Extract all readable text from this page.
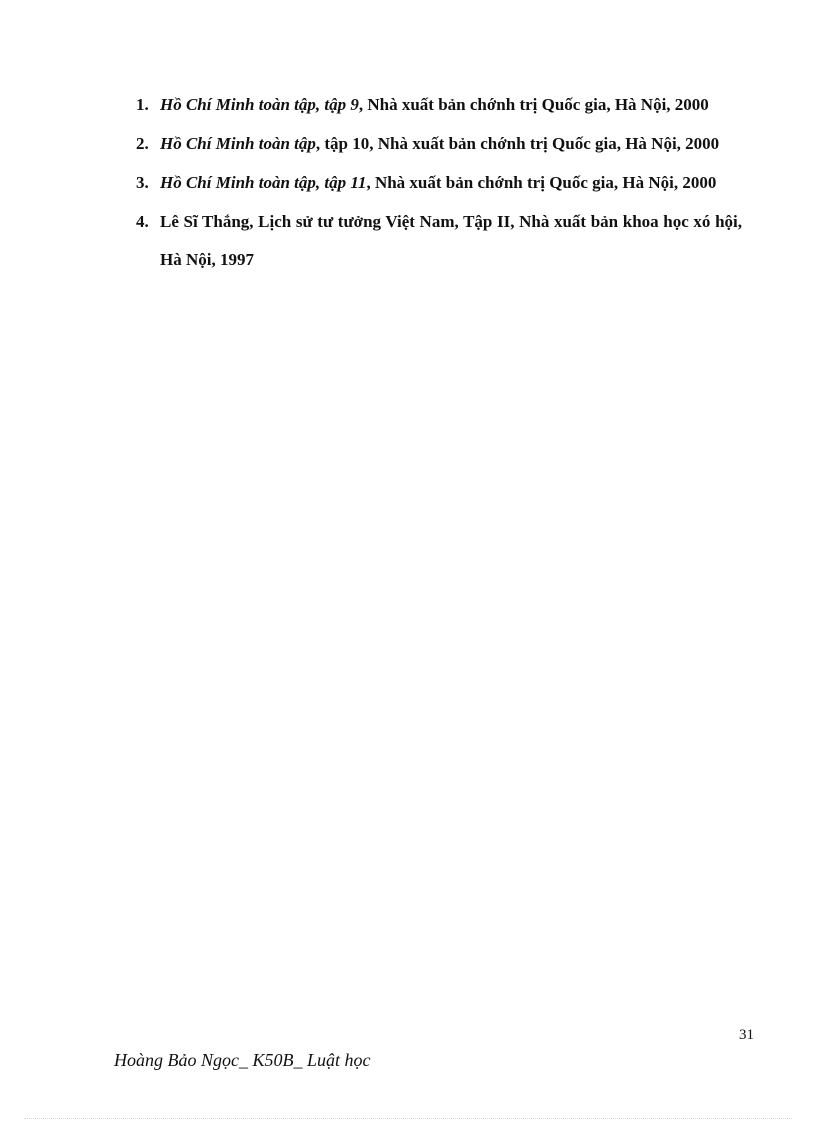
1. Hồ Chí Minh toàn tập, tập 9, Nhà xuất bản chớnh trị Quốc gia, Hà Nội, 2000
2. Hồ Chí Minh toàn tập, tập 10, Nhà xuất bản chớnh trị Quốc gia, Hà Nội, 2000
3. Hồ Chí Minh toàn tập, tập 11, Nhà xuất bản chớnh trị Quốc gia, Hà Nội, 2000
4. Lê Sĩ Thắng, Lịch sử tư tưởng Việt Nam, Tập II, Nhà xuất bản khoa học xó hội, Hà Nội, 1997
31
Hoàng Bảo Ngọc_ K50B_ Luật học
